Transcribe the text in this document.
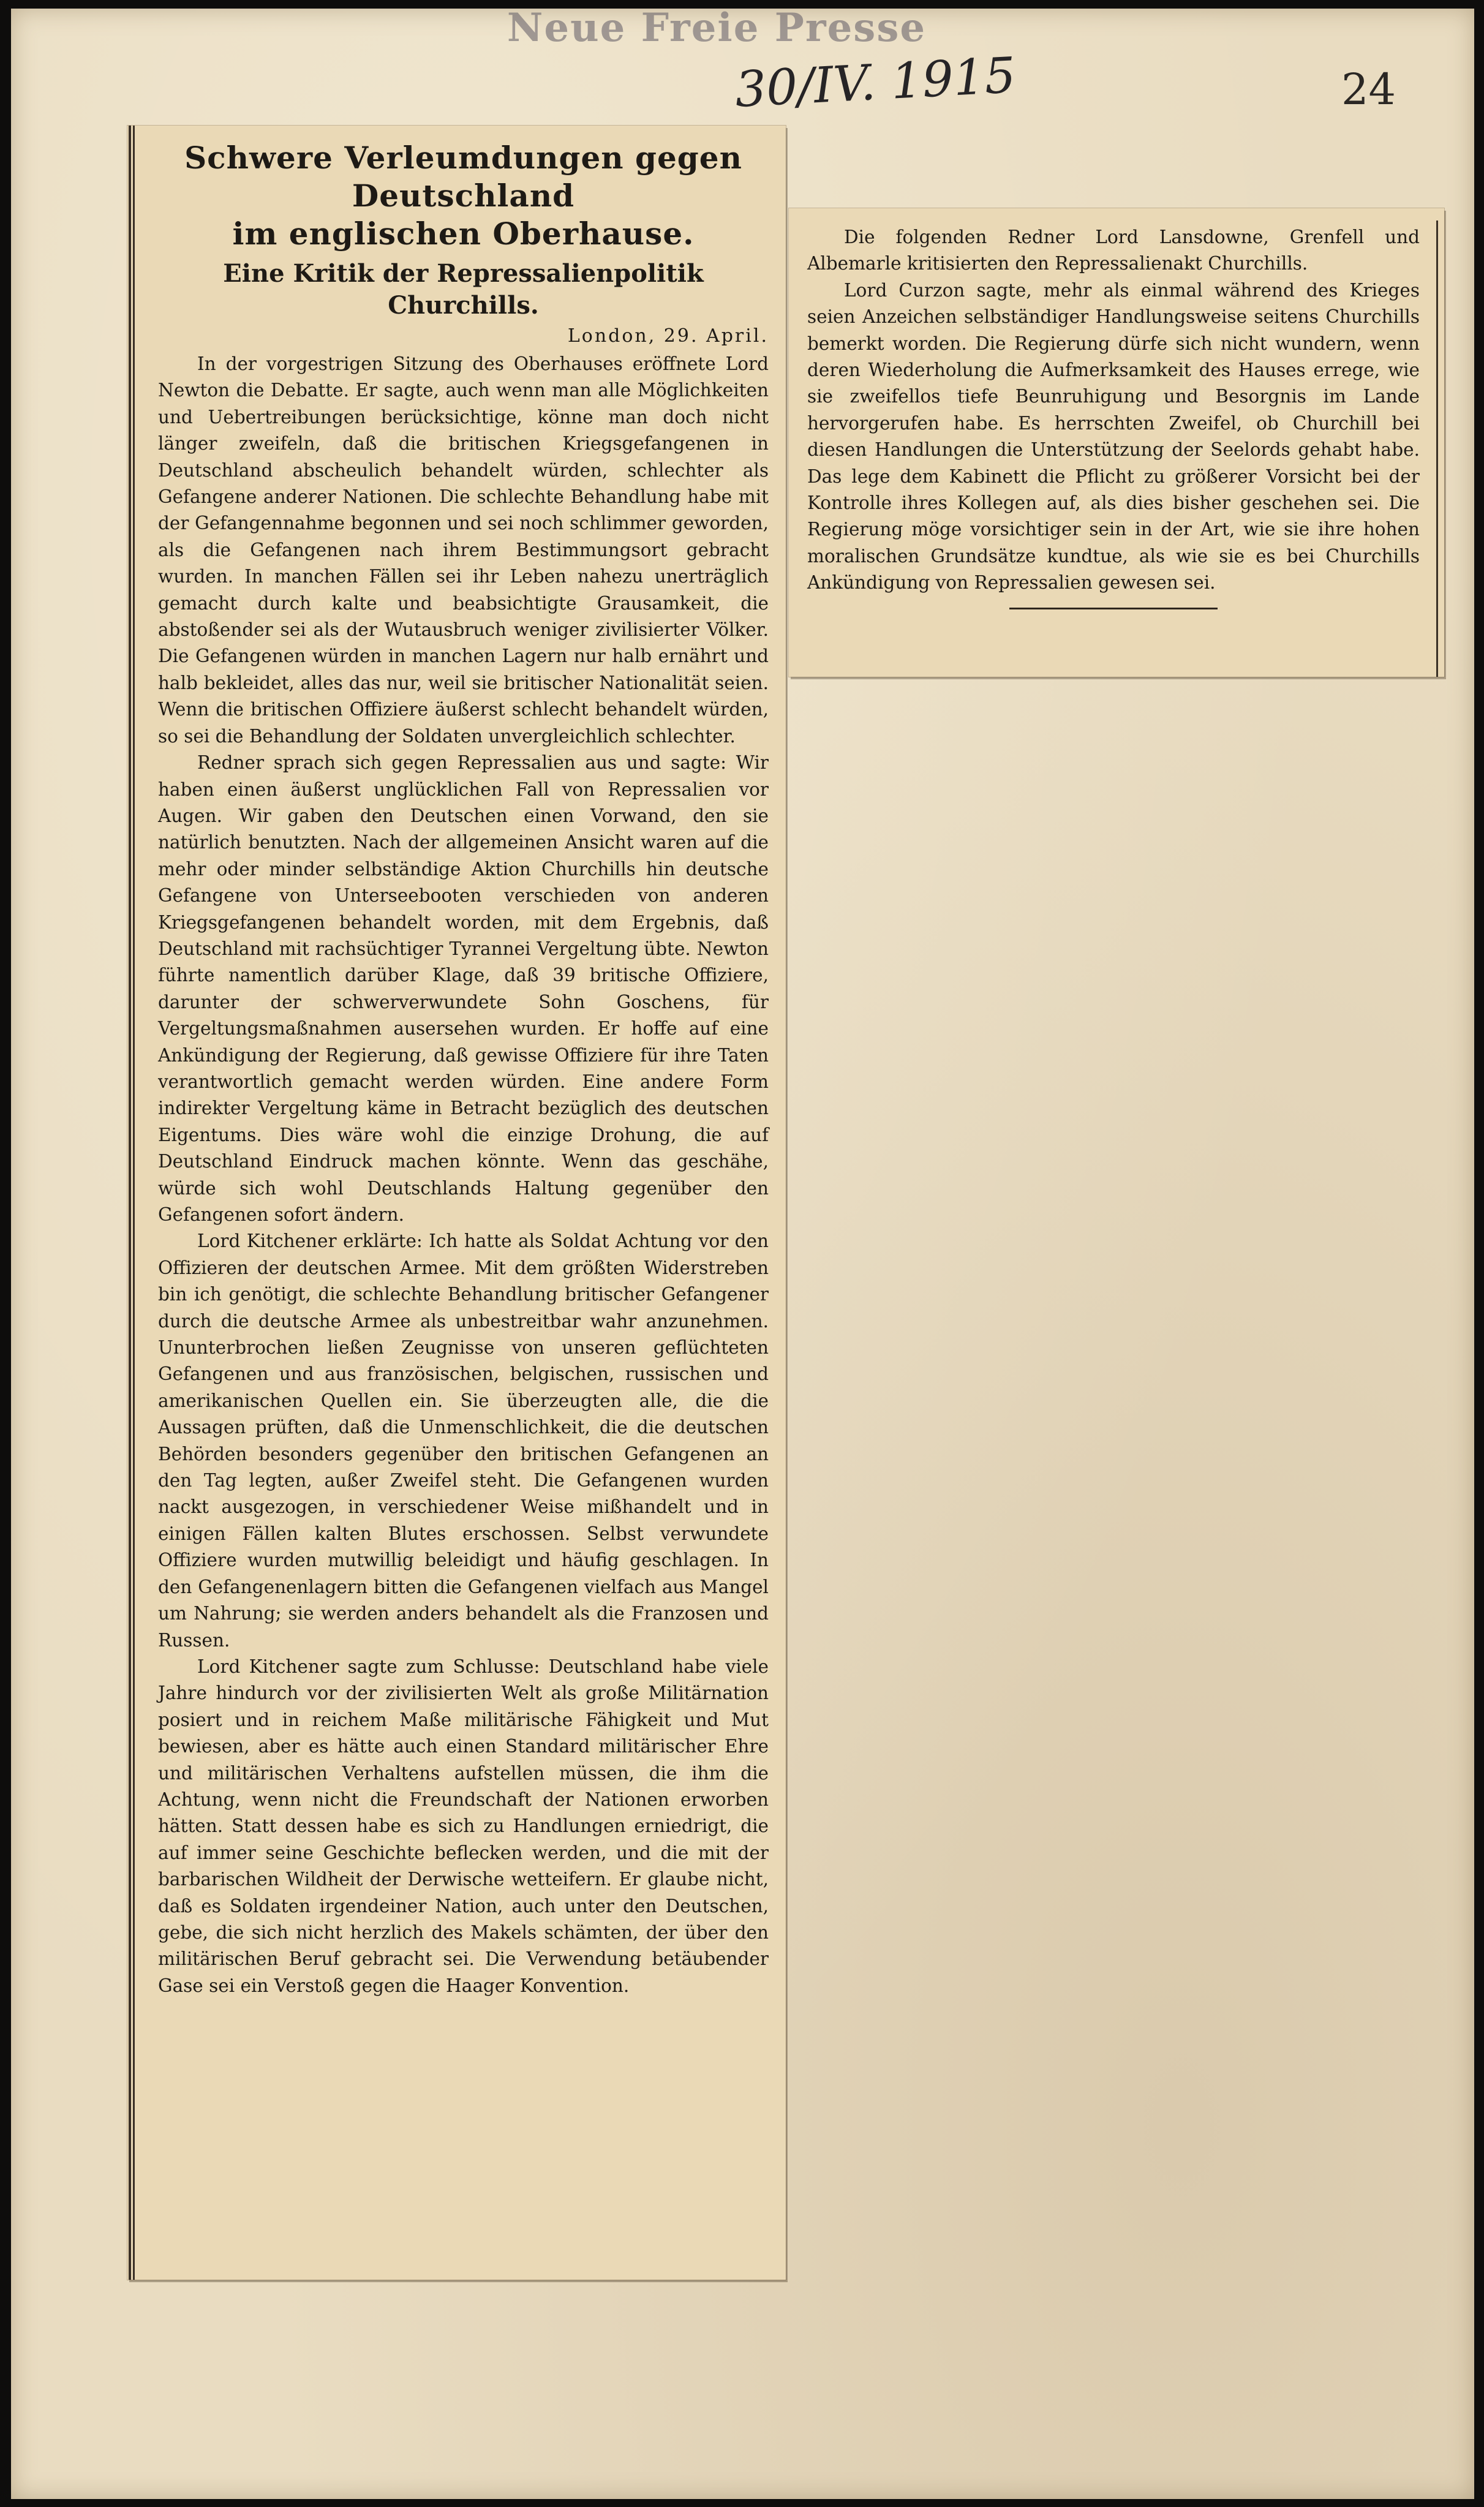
Neue Freie Presse
30/IV. 1915	24
Schwere Verleumdungen gegen Deutschland
im englischen Oberhause.
Eine Kritik der Repressalienpolitik Churchills.
London, 29. April.

In der vorgestrigen Sitzung des Oberhauses eröffnete Lord Newton die Debatte. Er sagte, auch wenn man alle Möglichkeiten und Uebertreibungen berücksichtige, könne man doch nicht länger zweifeln, daß die britischen Kriegsgefangenen in Deutschland abscheulich behandelt würden, schlechter als Gefangene anderer Nationen. Die schlechte Behandlung habe mit der Gefangennahme begonnen und sei noch schlimmer geworden, als die Gefangenen nach ihrem Bestimmungsort gebracht wurden. In manchen Fällen sei ihr Leben nahezu unerträglich gemacht durch kalte und beabsichtigte Grausamkeit, die abstoßender sei als der Wutausbruch weniger zivilisierter Völker. Die Gefangenen würden in manchen Lagern nur halb ernährt und halb bekleidet, alles das nur, weil sie britischer Nationalität seien. Wenn die britischen Offiziere äußerst schlecht behandelt würden, so sei die Behandlung der Soldaten unvergleichlich schlechter.

Redner sprach sich gegen Repressalien aus und sagte: Wir haben einen äußerst unglücklichen Fall von Repressalien vor Augen. Wir gaben den Deutschen einen Vorwand, den sie natürlich benutzten. Nach der allgemeinen Ansicht waren auf die mehr oder minder selbständige Aktion Churchills hin deutsche Gefangene von Unterseebooten verschieden von anderen Kriegsgefangenen behandelt worden, mit dem Ergebnis, daß Deutschland mit rachsüchtiger Tyrannei Vergeltung übte. Newton führte namentlich darüber Klage, daß 39 britische Offiziere, darunter der schwerverwundete Sohn Goschens, für Vergeltungsmaßnahmen ausersehen wurden. Er hoffe auf eine Ankündigung der Regierung, daß gewisse Offiziere für ihre Taten verantwortlich gemacht werden würden. Eine andere Form indirekter Vergeltung käme in Betracht bezüglich des deutschen Eigentums. Dies wäre wohl die einzige Drohung, die auf Deutschland Eindruck machen könnte. Wenn das geschähe, würde sich wohl Deutschlands Haltung gegenüber den Gefangenen sofort ändern.

Lord Kitchener erklärte: Ich hatte als Soldat Achtung vor den Offizieren der deutschen Armee. Mit dem größten Widerstreben bin ich genötigt, die schlechte Behandlung britischer Gefangener durch die deutsche Armee als unbestreitbar wahr anzunehmen. Ununterbrochen ließen Zeugnisse von unseren geflüchteten Gefangenen und aus französischen, belgischen, russischen und amerikanischen Quellen ein. Sie überzeugten alle, die die Aussagen prüften, daß die Unmenschlichkeit, die die deutschen Behörden besonders gegenüber den britischen Gefangenen an den Tag legten, außer Zweifel steht. Die Gefangenen wurden nackt ausgezogen, in verschiedener Weise mißhandelt und in einigen Fällen kalten Blutes erschossen. Selbst verwundete Offiziere wurden mutwillig beleidigt und häufig geschlagen. In den Gefangenenlagern bitten die Gefangenen vielfach aus Mangel um Nahrung; sie werden anders behandelt als die Franzosen und Russen.

Lord Kitchener sagte zum Schlusse: Deutschland habe viele Jahre hindurch vor der zivilisierten Welt als große Militärnation posiert und in reichem Maße militärische Fähigkeit und Mut bewiesen, aber es hätte auch einen Standard militärischer Ehre und militärischen Verhaltens aufstellen müssen, die ihm die Achtung, wenn nicht die Freundschaft der Nationen erworben hätten. Statt dessen habe es sich zu Handlungen erniedrigt, die auf immer seine Geschichte beflecken werden, und die mit der barbarischen Wildheit der Derwische wetteifern. Er glaube nicht, daß es Soldaten irgendeiner Nation, auch unter den Deutschen, gebe, die sich nicht herzlich des Makels schämten, der über den militärischen Beruf gebracht sei. Die Verwendung betäubender Gase sei ein Verstoß gegen die Haager Konvention.

Die folgenden Redner Lord Lansdowne, Grenfell und Albemarle kritisierten den Repressalienakt Churchills.

Lord Curzon sagte, mehr als einmal während des Krieges seien Anzeichen selbständiger Handlungsweise seitens Churchills bemerkt worden. Die Regierung dürfe sich nicht wundern, wenn deren Wiederholung die Aufmerksamkeit des Hauses errege, wie sie zweifellos tiefe Beunruhigung und Besorgnis im Lande hervorgerufen habe. Es herrschten Zweifel, ob Churchill bei diesen Handlungen die Unterstützung der Seelords gehabt habe. Das lege dem Kabinett die Pflicht zu größerer Vorsicht bei der Kontrolle ihres Kollegen auf, als dies bisher geschehen sei. Die Regierung möge vorsichtiger sein in der Art, wie sie ihre hohen moralischen Grundsätze kundtue, als wie sie es bei Churchills Ankündigung von Repressalien gewesen sei.
